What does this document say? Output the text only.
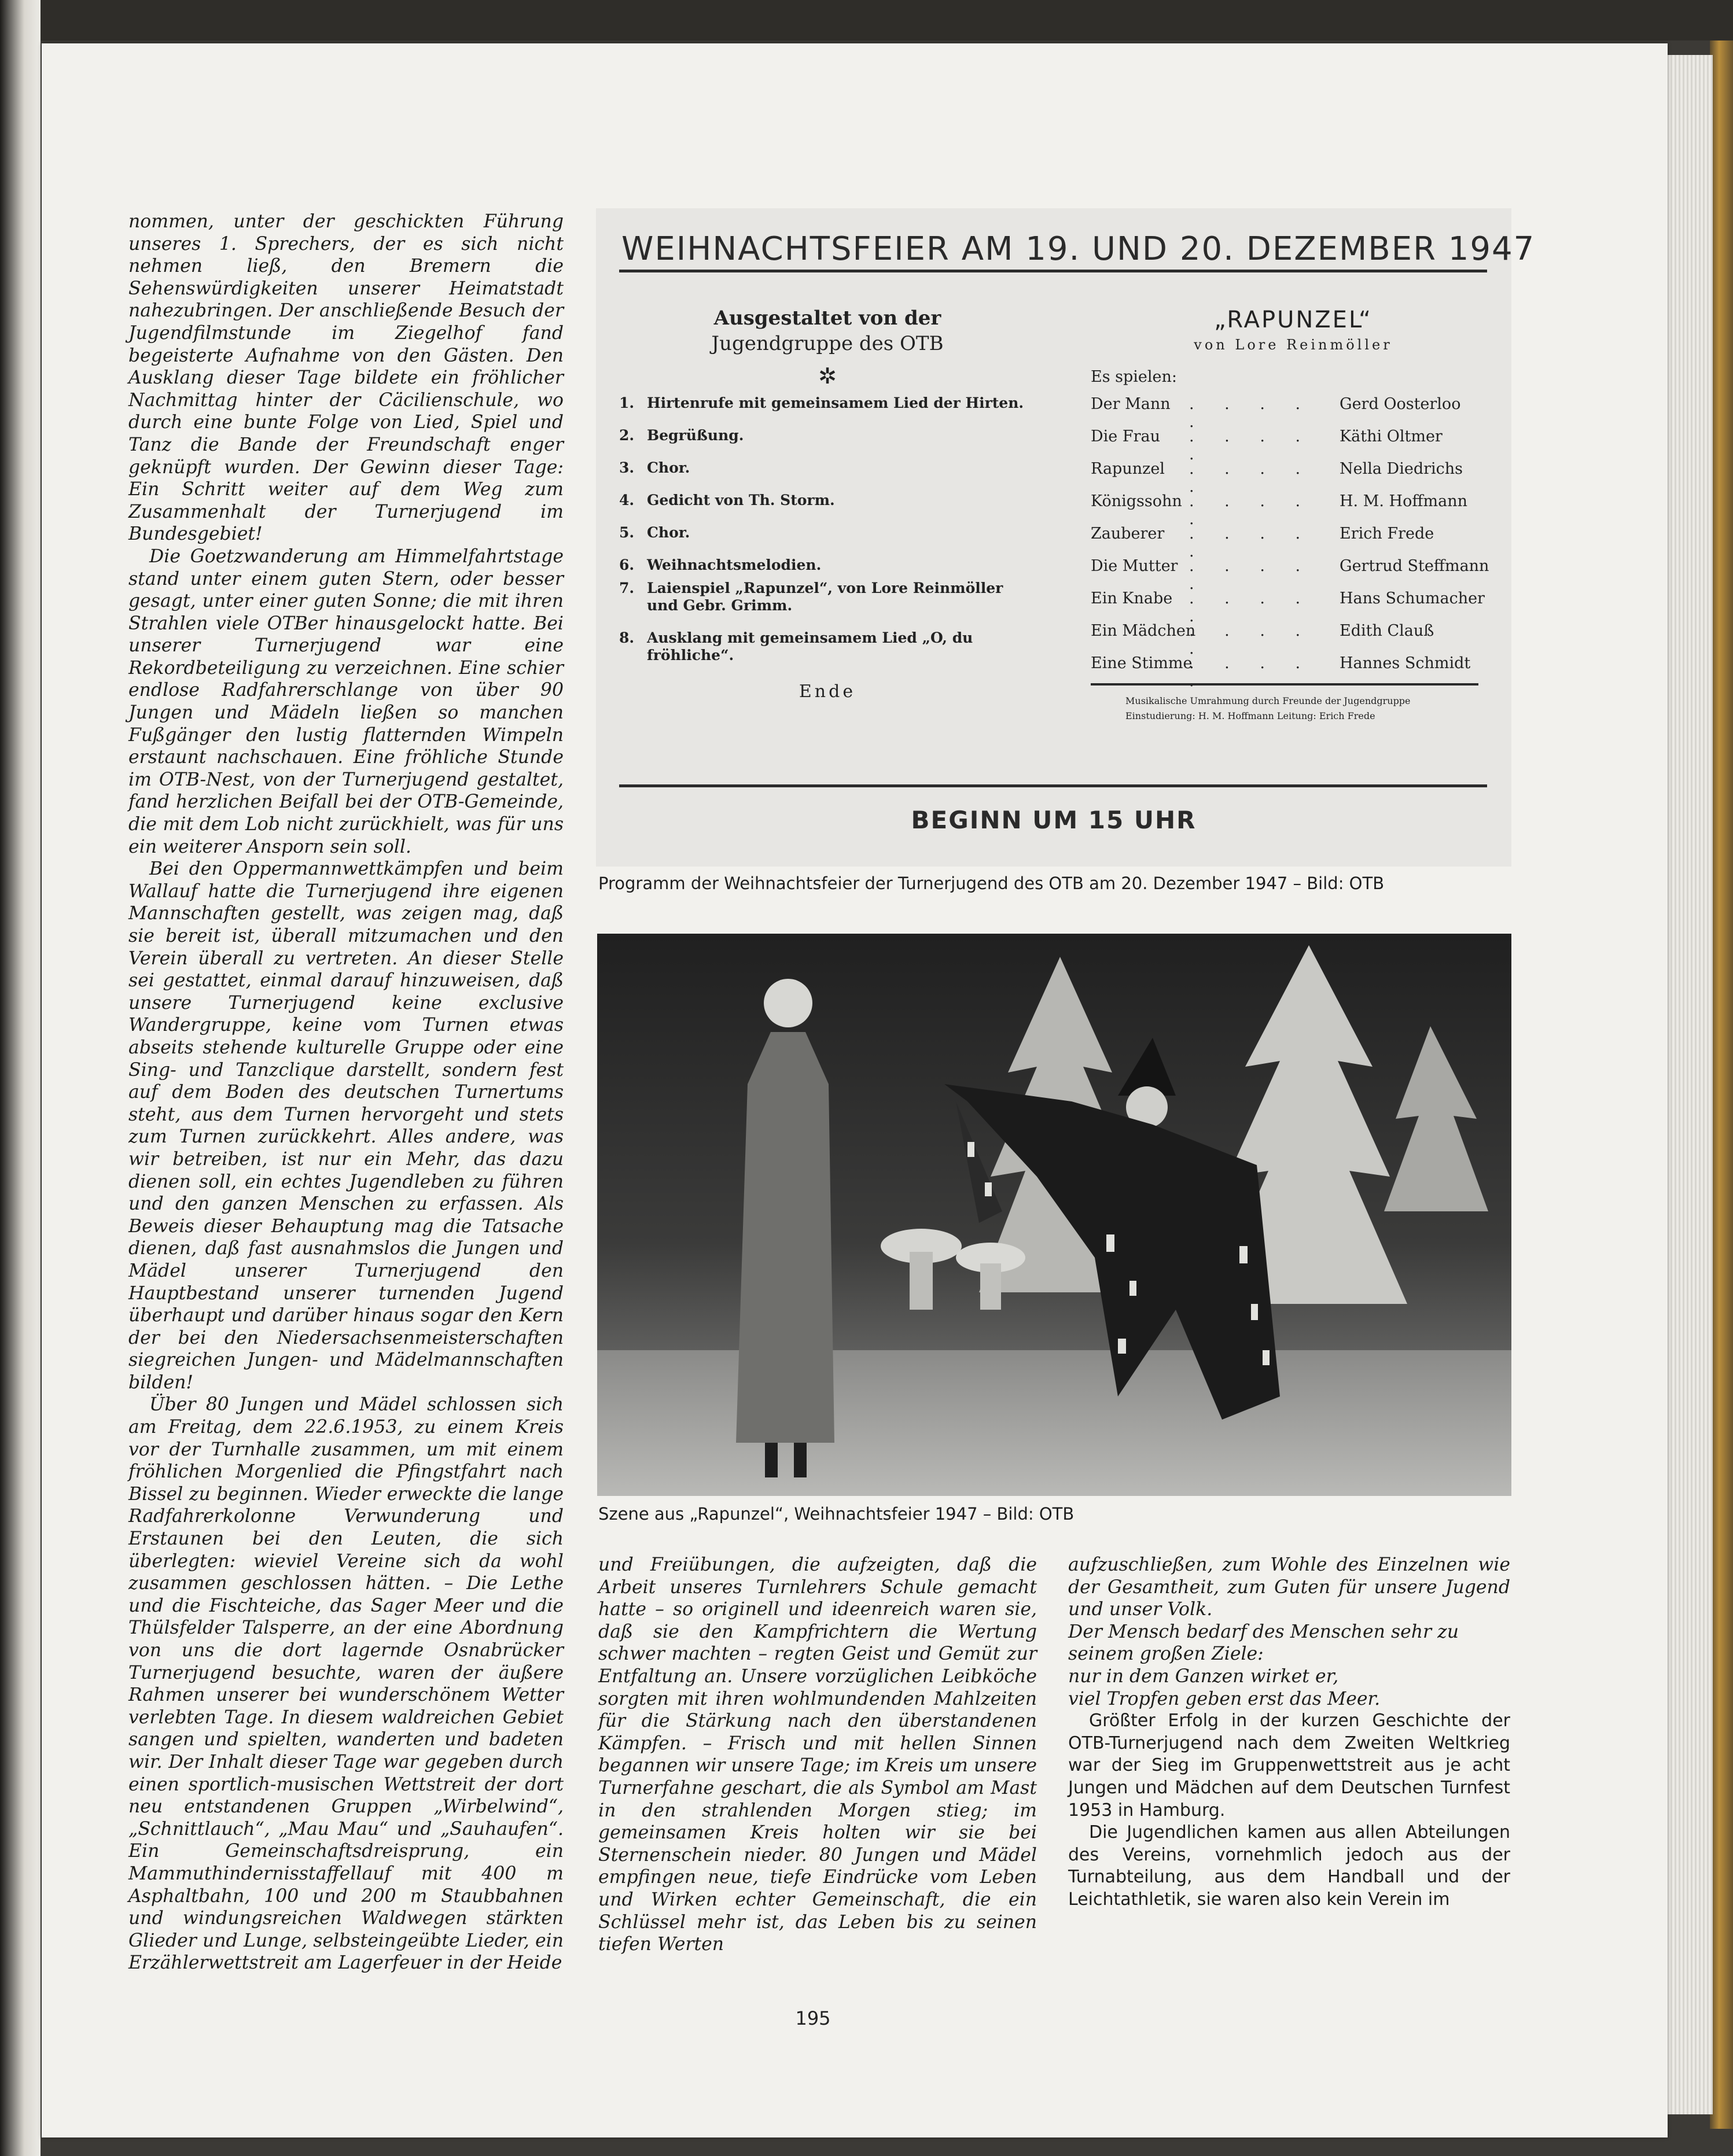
nommen, unter der geschickten Führung unseres 1. Sprechers, der es sich nicht nehmen ließ, den Bremern die Sehenswürdigkeiten unserer Heimatstadt nahezubringen. Der anschließende Besuch der Jugendfilmstunde im Ziegelhof fand begeisterte Aufnahme von den Gästen. Den Ausklang dieser Tage bildete ein fröhlicher Nachmittag hinter der Cäcilienschule, wo durch eine bunte Folge von Lied, Spiel und Tanz die Bande der Freundschaft enger geknüpft wurden. Der Gewinn dieser Tage: Ein Schritt weiter auf dem Weg zum Zusammenhalt der Turnerjugend im Bundesgebiet!

Die Goetzwanderung am Himmelfahrtstage stand unter einem guten Stern, oder besser gesagt, unter einer guten Sonne; die mit ihren Strahlen viele OTBer hinausgelockt hatte. Bei unserer Turnerjugend war eine Rekordbeteiligung zu verzeichnen. Eine schier endlose Radfahrerschlange von über 90 Jungen und Mädeln ließen so manchen Fußgänger den lustig flatternden Wimpeln erstaunt nachschauen. Eine fröhliche Stunde im OTB-Nest, von der Turnerjugend gestaltet, fand herzlichen Beifall bei der OTB-Gemeinde, die mit dem Lob nicht zurückhielt, was für uns ein weiterer Ansporn sein soll.

Bei den Oppermannwettkämpfen und beim Wallauf hatte die Turnerjugend ihre eigenen Mannschaften gestellt, was zeigen mag, daß sie bereit ist, überall mitzumachen und den Verein überall zu vertreten. An dieser Stelle sei gestattet, einmal darauf hinzuweisen, daß unsere Turnerjugend keine exclusive Wandergruppe, keine vom Turnen etwas abseits stehende kulturelle Gruppe oder eine Sing- und Tanzclique darstellt, sondern fest auf dem Boden des deutschen Turnertums steht, aus dem Turnen hervorgeht und stets zum Turnen zurückkehrt. Alles andere, was wir betreiben, ist nur ein Mehr, das dazu dienen soll, ein echtes Jugendleben zu führen und den ganzen Menschen zu erfassen. Als Beweis dieser Behauptung mag die Tatsache dienen, daß fast ausnahmslos die Jungen und Mädel unserer Turnerjugend den Hauptbestand unserer turnenden Jugend überhaupt und darüber hinaus sogar den Kern der bei den Niedersachsenmeisterschaften siegreichen Jungen- und Mädelmannschaften bilden!

Über 80 Jungen und Mädel schlossen sich am Freitag, dem 22.6.1953, zu einem Kreis vor der Turnhalle zusammen, um mit einem fröhlichen Morgenlied die Pfingstfahrt nach Bissel zu beginnen. Wieder erweckte die lange Radfahrerkolonne Verwunderung und Erstaunen bei den Leuten, die sich überlegten: wieviel Vereine sich da wohl zusammen geschlossen hätten. – Die Lethe und die Fischteiche, das Sager Meer und die Thülsfelder Talsperre, an der eine Abordnung von uns die dort lagernde Osnabrücker Turnerjugend besuchte, waren der äußere Rahmen unserer bei wunderschönem Wetter verlebten Tage. In diesem waldreichen Gebiet sangen und spielten, wanderten und badeten wir. Der Inhalt dieser Tage war gegeben durch einen sportlich-musischen Wettstreit der dort neu entstandenen Gruppen „Wirbelwind“, „Schnittlauch“, „Mau Mau“ und „Sauhaufen“. Ein Gemeinschaftsdreisprung, ein Mammuthindernisstaffellauf mit 400 m Asphaltbahn, 100 und 200 m Staubbahnen und windungsreichen Waldwegen stärkten Glieder und Lunge, selbsteingeübte Lieder, ein Erzählerwettstreit am Lagerfeuer in der Heide

WEIHNACHTSFEIER AM 19. UND 20. DEZEMBER 1947
Ausgestaltet von der
Jugendgruppe des OTB
✲
1. Hirtenrufe mit gemeinsamem Lied der Hirten.
2. Begrüßung.
3. Chor.
4. Gedicht von Th. Storm.
5. Chor.
6. Weihnachtsmelodien.
7. Laienspiel „Rapunzel“, von Lore Reinmöller und Gebr. Grimm.
8. Ausklang mit gemeinsamem Lied „O, du fröhliche“.
Ende
„RAPUNZEL“
von Lore Reinmöller
Es spielen:
Der Mann . . . . .
Gerd Oosterloo
Die Frau . . . . .
Käthi Oltmer
Rapunzel . . . . .
Nella Diedrichs
Königssohn . . . . .
H. M. Hoffmann
Zauberer . . . . .
Erich Frede
Die Mutter . . . . .
Gertrud Steffmann
Ein Knabe . . . . .
Hans Schumacher
Ein Mädchen
. . . . .
Edith Clauß
Eine Stimme
. . . . .
Hannes Schmidt
Musikalische Umrahmung durch Freunde der Jugendgruppe
Einstudierung: H. M. Hoffmann Leitung: Erich Frede
BEGINN UM 15 UHR
Programm der Weihnachtsfeier der Turnerjugend des OTB am 20. Dezember 1947 – Bild: OTB
Szene aus „Rapunzel“, Weihnachtsfeier 1947 – Bild: OTB

und Freiübungen, die aufzeigten, daß die Arbeit unseres Turnlehrers Schule gemacht hatte – so originell und ideenreich waren sie, daß sie den Kampfrichtern die Wertung schwer machten – regten Geist und Gemüt zur Entfaltung an. Unsere vorzüglichen Leibköche sorgten mit ihren wohlmundenden Mahlzeiten für die Stärkung nach den überstandenen Kämpfen. – Frisch und mit hellen Sinnen begannen wir unsere Tage; im Kreis um unsere Turnerfahne geschart, die als Symbol am Mast in den strahlenden Morgen stieg; im gemeinsamen Kreis holten wir sie bei Sternenschein nieder. 80 Jungen und Mädel empfingen neue, tiefe Eindrücke vom Leben und Wirken echter Gemeinschaft, die ein Schlüssel mehr ist, das Leben bis zu seinen tiefen Werten

aufzuschließen, zum Wohle des Einzelnen wie der Gesamtheit, zum Guten für unsere Jugend und unser Volk.

Der Mensch bedarf des Menschen sehr zu

seinem großen Ziele:

nur in dem Ganzen wirket er,

viel Tropfen geben erst das Meer.

Größter Erfolg in der kurzen Geschichte der OTB-Turnerjugend nach dem Zweiten Weltkrieg war der Sieg im Gruppenwettstreit aus je acht Jungen und Mädchen auf dem Deutschen Turnfest 1953 in Hamburg.

Die Jugendlichen kamen aus allen Abteilungen des Vereins, vornehmlich jedoch aus der Turnabteilung, aus dem Handball und der Leichtathletik, sie waren also kein Verein im

195
